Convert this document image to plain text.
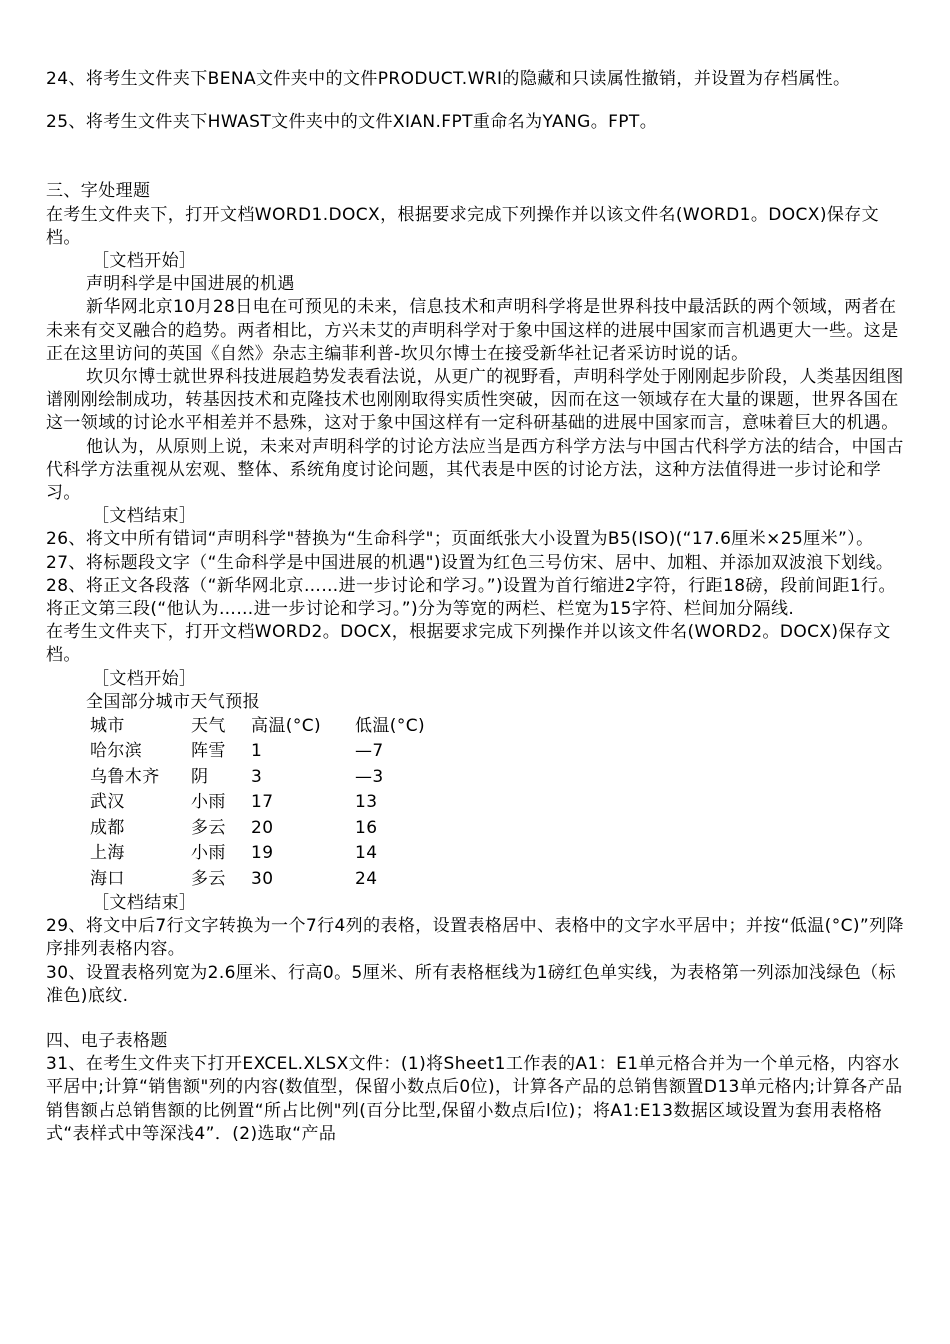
24、将考生文件夹下BENA文件夹中的文件PRODUCT.WRI的隐藏和只读属性撤销，并设置为存档属性。

25、将考生文件夹下HWAST文件夹中的文件XIAN.FPT重命名为YANG。FPT。

三、字处理题

在考生文件夹下，打开文档WORD1.DOCX，根据要求完成下列操作并以该文件名(WORD1。DOCX)保存文档。

［文档开始］

声明科学是中国进展的机遇

新华网北京10月28日电在可预见的未来，信息技术和声明科学将是世界科技中最活跃的两个领域，两者在未来有交叉融合的趋势。两者相比，方兴未艾的声明科学对于象中国这样的进展中国家而言机遇更大一些。这是正在这里访问的英国《自然》杂志主编菲利普-坎贝尔博士在接受新华社记者采访时说的话。

坎贝尔博士就世界科技进展趋势发表看法说，从更广的视野看，声明科学处于刚刚起步阶段，人类基因组图谱刚刚绘制成功，转基因技术和克隆技术也刚刚取得实质性突破，因而在这一领域存在大量的课题，世界各国在这一领域的讨论水平相差并不悬殊，这对于象中国这样有一定科研基础的进展中国家而言，意味着巨大的机遇。

他认为，从原则上说，未来对声明科学的讨论方法应当是西方科学方法与中国古代科学方法的结合，中国古代科学方法重视从宏观、整体、系统角度讨论问题，其代表是中医的讨论方法，这种方法值得进一步讨论和学习。

［文档结束］

26、将文中所有错词“声明科学"替换为“生命科学"；页面纸张大小设置为B5(ISO)(“17.6厘米×25厘米”）。

27、将标题段文字（“生命科学是中国进展的机遇")设置为红色三号仿宋、居中、加粗、并添加双波浪下划线。

28、将正文各段落（“新华网北京……进一步讨论和学习。”)设置为首行缩进2字符，行距18磅，段前间距1行。将正文第三段(“他认为……进一步讨论和学习。”)分为等宽的两栏、栏宽为15字符、栏间加分隔线.

在考生文件夹下，打开文档WORD2。DOCX，根据要求完成下列操作并以该文件名(WORD2。DOCX)保存文档。

［文档开始］

全国部分城市天气预报

城市	天气	高温(°C)	低温(°C)
哈尔滨	阵雪	1	—7
乌鲁木齐	阴	3	—3
武汉	小雨	17	13
成都	多云	20	16
上海	小雨	19	14
海口	多云	30	24

［文档结束］

29、将文中后7行文字转换为一个7行4列的表格，设置表格居中、表格中的文字水平居中；并按“低温(°C)”列降序排列表格内容。

30、设置表格列宽为2.6厘米、行高0。5厘米、所有表格框线为1磅红色单实线，为表格第一列添加浅绿色（标准色)底纹.

四、电子表格题

31、在考生文件夹下打开EXCEL.XLSX文件：(1)将Sheet1工作表的A1：E1单元格合并为一个单元格，内容水平居中;计算“销售额"列的内容(数值型，保留小数点后0位)，计算各产品的总销售额置D13单元格内;计算各产品销售额占总销售额的比例置“所占比例"列(百分比型,保留小数点后l位)；将A1:E13数据区域设置为套用表格格式“表样式中等深浅4”．(2)选取“产品
